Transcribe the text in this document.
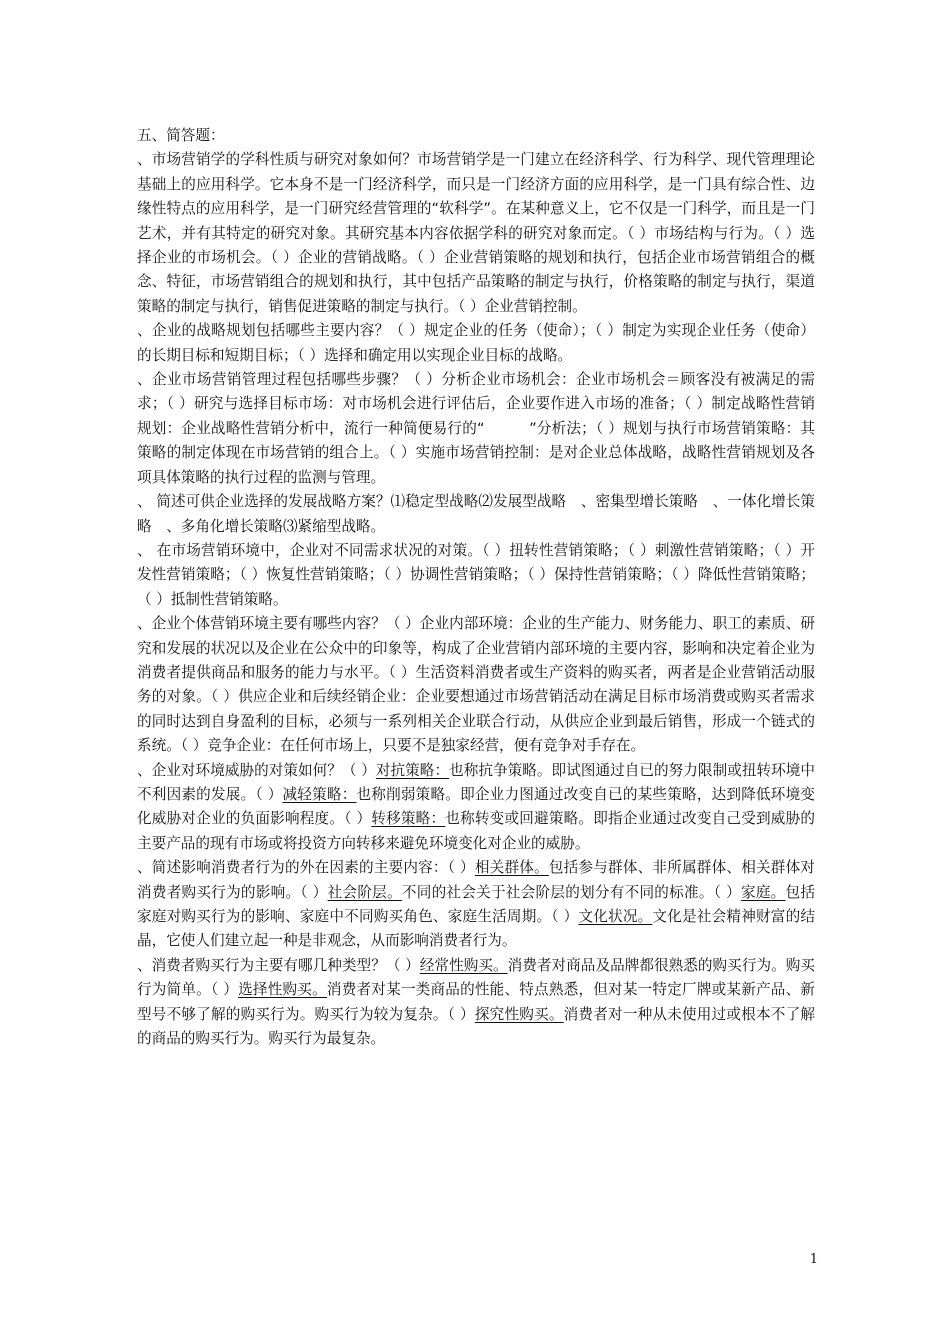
五、简答题：

、市场营销学的学科性质与研究对象如何？市场营销学是一门建立在经济科学、行为科学、现代管理理论基础上的应用科学。它本身不是一门经济科学，而只是一门经济方面的应用科学，是一门具有综合性、边缘性特点的应用科学，是一门研究经营管理的“软科学”。在某种意义上，它不仅是一门科学，而且是一门艺术，并有其特定的研究对象。其研究基本内容依据学科的研究对象而定。（ ）市场结构与行为。（ ）选择企业的市场机会。（ ）企业的营销战略。（ ）企业营销策略的规划和执行，包括企业市场营销组合的概念、特征，市场营销组合的规划和执行，其中包括产品策略的制定与执行，价格策略的制定与执行，渠道策略的制定与执行，销售促进策略的制定与执行。（ ）企业营销控制。

、企业的战略规划包括哪些主要内容？（ ）规定企业的任务（使命）；（ ）制定为实现企业任务（使命）的长期目标和短期目标；（ ）选择和确定用以实现企业目标的战略。

、企业市场营销管理过程包括哪些步骤？（ ）分析企业市场机会：企业市场机会＝顾客没有被满足的需求；（ ）研究与选择目标市场：对市场机会进行评估后，企业要作进入市场的准备；（ ）制定战略性营销规划：企业战略性营销分析中，流行一种简便易行的“　　　”分析法；（ ）规划与执行市场营销策略：其策略的制定体现在市场营销的组合上。（ ）实施市场营销控制：是对企业总体战略，战略性营销规划及各项具体策略的执行过程的监测与管理。

、 简述可供企业选择的发展战略方案？⑴稳定型战略⑵发展型战略　、密集型增长策略　、一体化增长策略　、多角化增长策略⑶紧缩型战略。

、 在市场营销环境中，企业对不同需求状况的对策。（ ）扭转性营销策略；（ ）刺激性营销策略；（ ）开发性营销策略；（ ）恢复性营销策略；（ ）协调性营销策略；（ ）保持性营销策略；（ ）降低性营销策略；（ ）抵制性营销策略。

、企业个体营销环境主要有哪些内容？（ ）企业内部环境：企业的生产能力、财务能力、职工的素质、研究和发展的状况以及企业在公众中的印象等，构成了企业营销内部环境的主要内容，影响和决定着企业为消费者提供商品和服务的能力与水平。（ ）生活资料消费者或生产资料的购买者，两者是企业营销活动服务的对象。（ ）供应企业和后续经销企业：企业要想通过市场营销活动在满足目标市场消费或购买者需求的同时达到自身盈利的目标，必须与一系列相关企业联合行动，从供应企业到最后销售，形成一个链式的系统。（ ）竞争企业：在任何市场上，只要不是独家经营，便有竞争对手存在。

、企业对环境威胁的对策如何？（ ）对抗策略：也称抗争策略。即试图通过自已的努力限制或扭转环境中不利因素的发展。（ ）减轻策略：也称削弱策略。即企业力图通过改变自已的某些策略，达到降低环境变化威胁对企业的负面影响程度。（ ）转移策略：也称转变或回避策略。即指企业通过改变自己受到威胁的主要产品的现有市场或将投资方向转移来避免环境变化对企业的威胁。

、简述影响消费者行为的外在因素的主要内容：（ ）相关群体。包括参与群体、非所属群体、相关群体对消费者购买行为的影响。（ ）社会阶层。不同的社会关于社会阶层的划分有不同的标准。（ ）家庭。包括家庭对购买行为的影响、家庭中不同购买角色、家庭生活周期。（ ）文化状况。文化是社会精神财富的结晶，它使人们建立起一种是非观念，从而影响消费者行为。

、消费者购买行为主要有哪几种类型？（ ）经常性购买。消费者对商品及品牌都很熟悉的购买行为。购买行为简单。（ ）选择性购买。消费者对某一类商品的性能、特点熟悉，但对某一特定厂牌或某新产品、新型号不够了解的购买行为。购买行为较为复杂。（ ）探究性购买。消费者对一种从未使用过或根本不了解的商品的购买行为。购买行为最复杂。

1
